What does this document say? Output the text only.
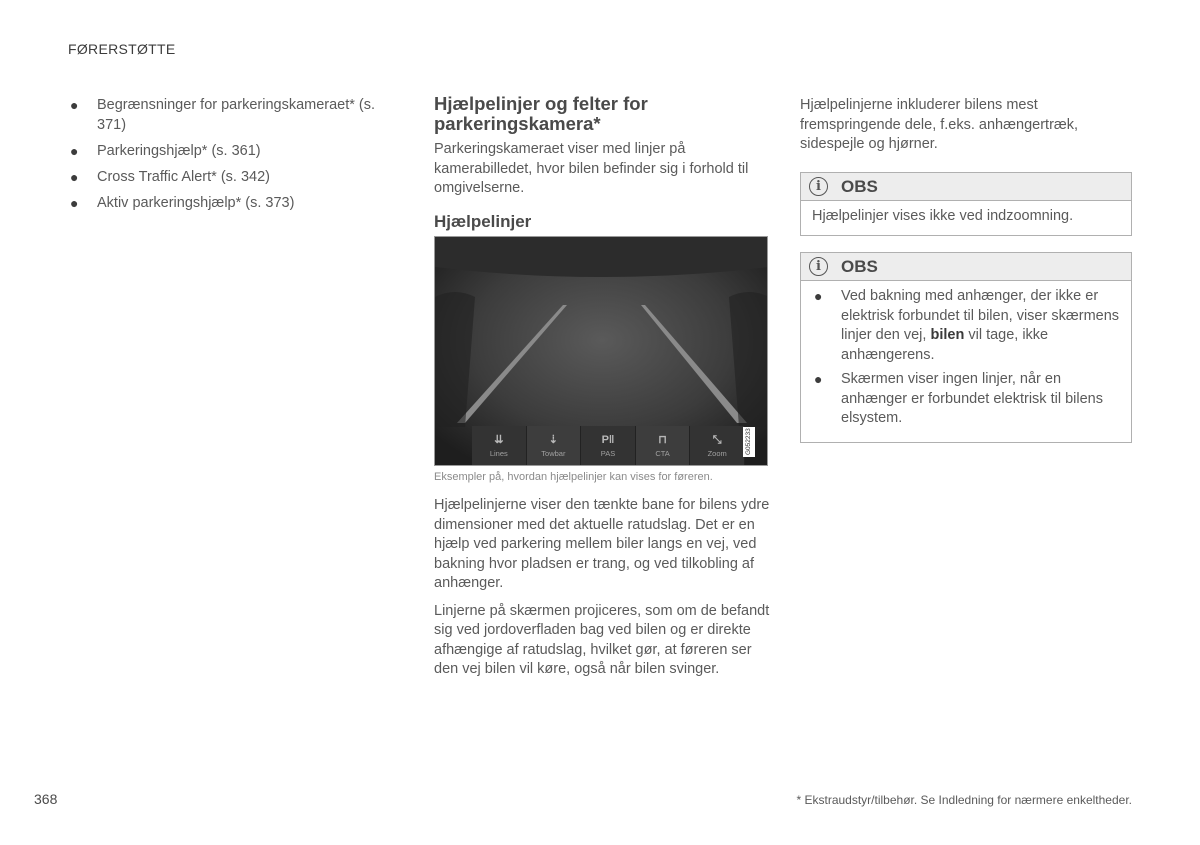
FØRERSTØTTE
● Begrænsninger for parkeringskameraet* (s. 371)
● Parkeringshjælp* (s. 361)
● Cross Traffic Alert* (s. 342)
● Aktiv parkeringshjælp* (s. 373)
Hjælpelinjer og felter for parkeringskamera*
Parkeringskameraet viser med linjer på kamerabilledet, hvor bilen befinder sig i forhold til omgivelserne.
Hjælpelinjer
⇊
Lines
⇣
Towbar
P‖
PAS
⊓
CTA
⤡
Zoom	G052233
Eksempler på, hvordan hjælpelinjer kan vises for føreren.
Hjælpelinjerne viser den tænkte bane for bilens ydre dimensioner med det aktuelle ratudslag. Det er en hjælp ved parkering mellem biler langs en vej, ved bakning hvor pladsen er trang, og ved tilkobling af anhænger.
Linjerne på skærmen projiceres, som om de befandt sig ved jordoverfladen bag ved bilen og er direkte afhængige af ratudslag, hvilket gør, at føreren ser den vej bilen vil køre, også når bilen svinger.
Hjælpelinjerne inkluderer bilens mest fremspringende dele, f.eks. anhængertræk, sidespejle og hjørner.
i	OBS
Hjælpelinjer vises ikke ved indzoomning.
i	OBS
● Ved bakning med anhænger, der ikke er elektrisk forbundet til bilen, viser skærmens linjer den vej, bilen vil tage, ikke anhængerens.
● Skærmen viser ingen linjer, når en anhænger er forbundet elektrisk til bilens elsystem.
368	* Ekstraudstyr/tilbehør. Se Indledning for nærmere enkeltheder.
